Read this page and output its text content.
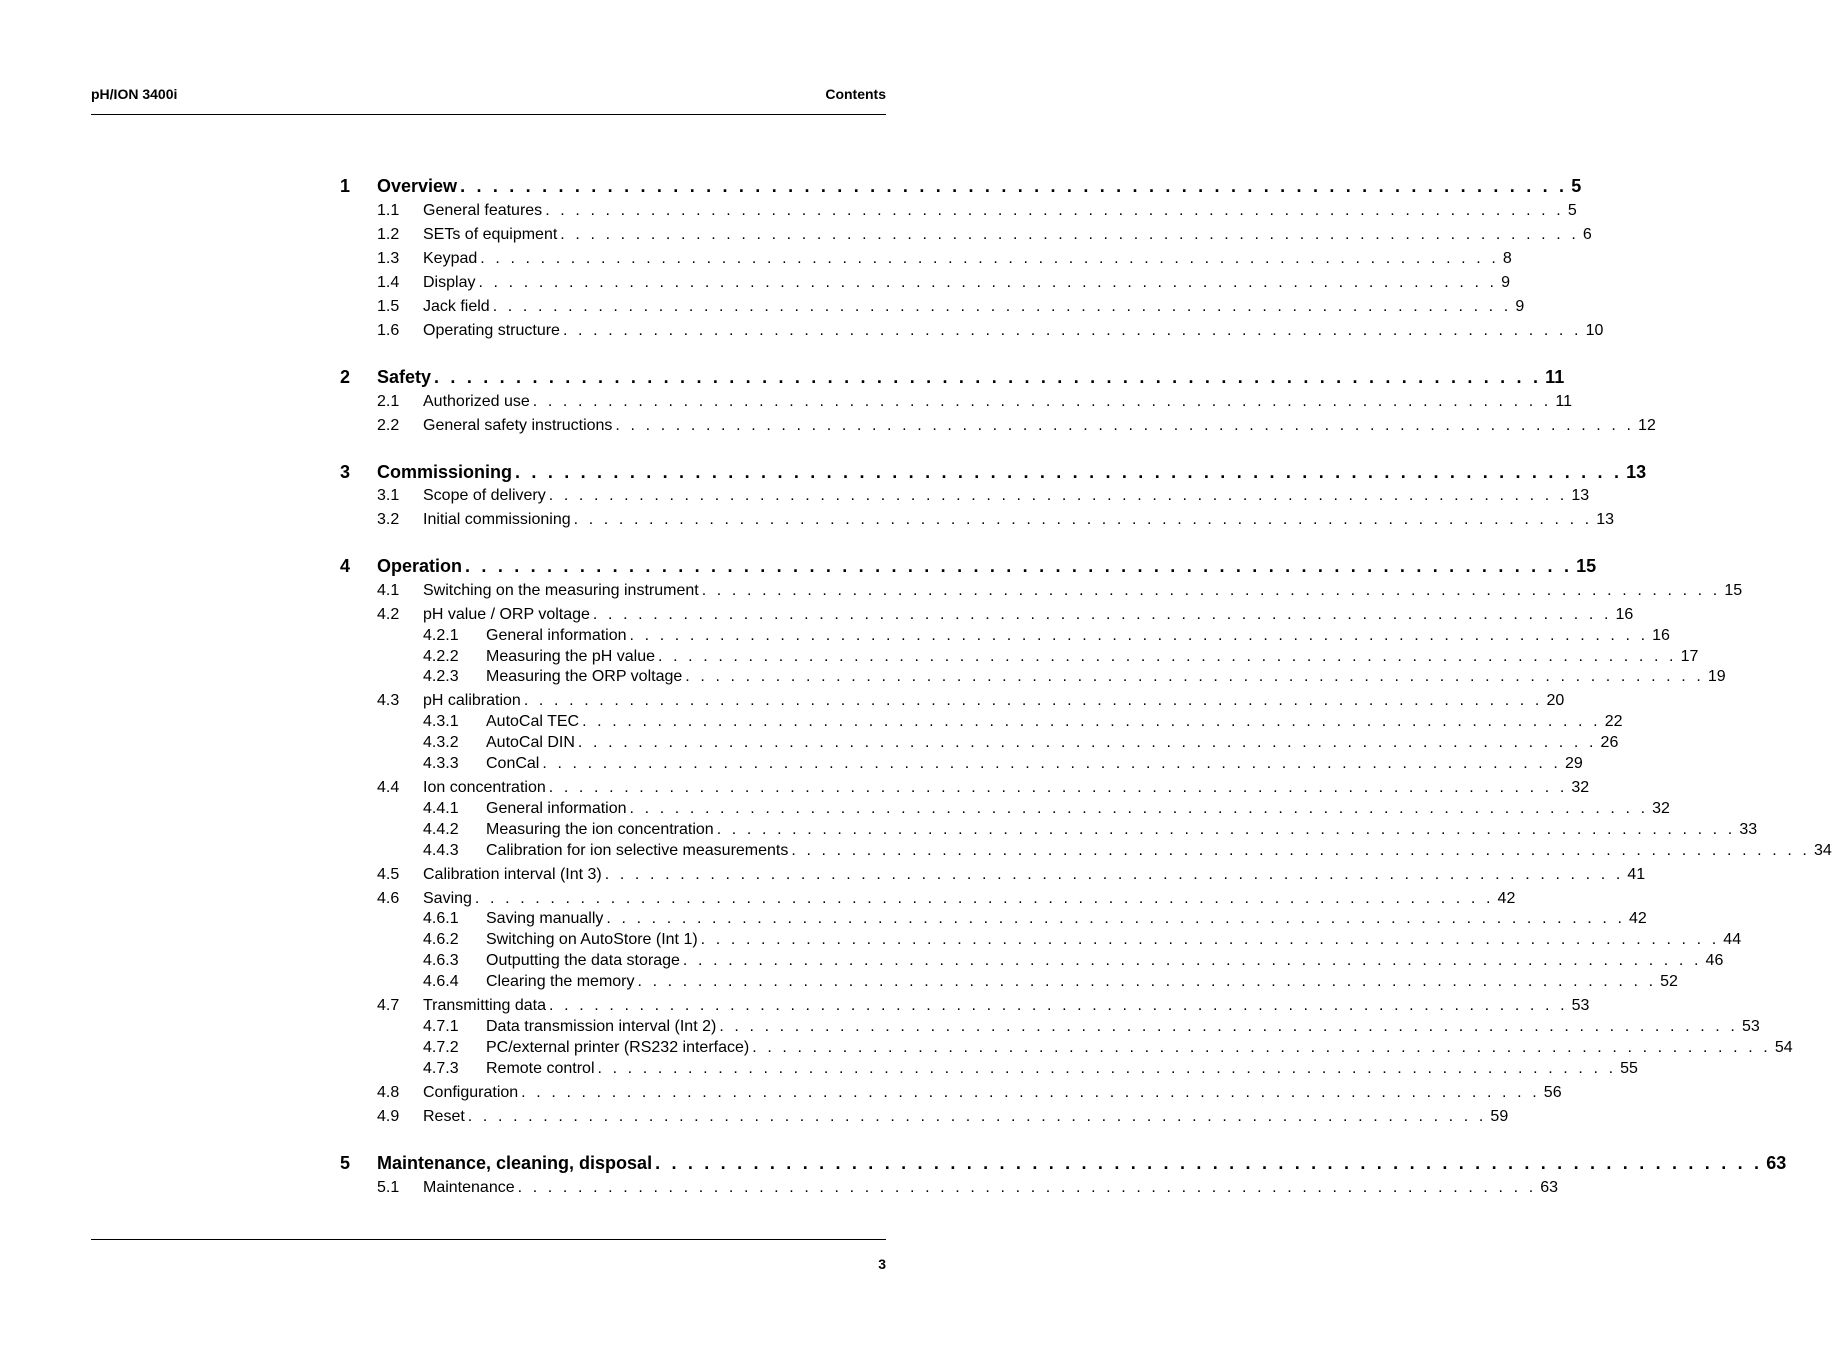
pH/ION 3400i	Contents
1	Overview . . . . . . . . . . . . . . . . . . . . . . . . . . . . . . . . . . . . . . . . . . . . . . . . . . . . . . . . . . . . . . . . . . . . 5
1.1	General features . . . . . . . . . . . . . . . . . . . . . . . . . . . . . . . . . . . . . . . . . . . . . . . . . . . . . . . . . . . . . . . . . . . . 5
1.2	SETs of equipment . . . . . . . . . . . . . . . . . . . . . . . . . . . . . . . . . . . . . . . . . . . . . . . . . . . . . . . . . . . . . . . . . . . . 6
1.3	Keypad . . . . . . . . . . . . . . . . . . . . . . . . . . . . . . . . . . . . . . . . . . . . . . . . . . . . . . . . . . . . . . . . . . . . 8
1.4	Display . . . . . . . . . . . . . . . . . . . . . . . . . . . . . . . . . . . . . . . . . . . . . . . . . . . . . . . . . . . . . . . . . . . . 9
1.5	Jack field . . . . . . . . . . . . . . . . . . . . . . . . . . . . . . . . . . . . . . . . . . . . . . . . . . . . . . . . . . . . . . . . . . . . 9
1.6	Operating structure . . . . . . . . . . . . . . . . . . . . . . . . . . . . . . . . . . . . . . . . . . . . . . . . . . . . . . . . . . . . . . . . . . . . 10
2	Safety . . . . . . . . . . . . . . . . . . . . . . . . . . . . . . . . . . . . . . . . . . . . . . . . . . . . . . . . . . . . . . . . . . . . 11
2.1	Authorized use . . . . . . . . . . . . . . . . . . . . . . . . . . . . . . . . . . . . . . . . . . . . . . . . . . . . . . . . . . . . . . . . . . . . 11
2.2	General safety instructions . . . . . . . . . . . . . . . . . . . . . . . . . . . . . . . . . . . . . . . . . . . . . . . . . . . . . . . . . . . . . . . . . . . . 12
3	Commissioning . . . . . . . . . . . . . . . . . . . . . . . . . . . . . . . . . . . . . . . . . . . . . . . . . . . . . . . . . . . . . . . . . . . . 13
3.1	Scope of delivery . . . . . . . . . . . . . . . . . . . . . . . . . . . . . . . . . . . . . . . . . . . . . . . . . . . . . . . . . . . . . . . . . . . . 13
3.2	Initial commissioning . . . . . . . . . . . . . . . . . . . . . . . . . . . . . . . . . . . . . . . . . . . . . . . . . . . . . . . . . . . . . . . . . . . . 13
4	Operation . . . . . . . . . . . . . . . . . . . . . . . . . . . . . . . . . . . . . . . . . . . . . . . . . . . . . . . . . . . . . . . . . . . . 15
4.1	Switching on the measuring instrument . . . . . . . . . . . . . . . . . . . . . . . . . . . . . . . . . . . . . . . . . . . . . . . . . . . . . . . . . . . . . . . . . . . . 15
4.2	pH value / ORP voltage . . . . . . . . . . . . . . . . . . . . . . . . . . . . . . . . . . . . . . . . . . . . . . . . . . . . . . . . . . . . . . . . . . . . 16
4.2.1	General information . . . . . . . . . . . . . . . . . . . . . . . . . . . . . . . . . . . . . . . . . . . . . . . . . . . . . . . . . . . . . . . . . . . . 16
4.2.2	Measuring the pH value . . . . . . . . . . . . . . . . . . . . . . . . . . . . . . . . . . . . . . . . . . . . . . . . . . . . . . . . . . . . . . . . . . . . 17
4.2.3	Measuring the ORP voltage . . . . . . . . . . . . . . . . . . . . . . . . . . . . . . . . . . . . . . . . . . . . . . . . . . . . . . . . . . . . . . . . . . . . 19
4.3	pH calibration . . . . . . . . . . . . . . . . . . . . . . . . . . . . . . . . . . . . . . . . . . . . . . . . . . . . . . . . . . . . . . . . . . . . 20
4.3.1	AutoCal TEC . . . . . . . . . . . . . . . . . . . . . . . . . . . . . . . . . . . . . . . . . . . . . . . . . . . . . . . . . . . . . . . . . . . . 22
4.3.2	AutoCal DIN . . . . . . . . . . . . . . . . . . . . . . . . . . . . . . . . . . . . . . . . . . . . . . . . . . . . . . . . . . . . . . . . . . . . 26
4.3.3	ConCal . . . . . . . . . . . . . . . . . . . . . . . . . . . . . . . . . . . . . . . . . . . . . . . . . . . . . . . . . . . . . . . . . . . . 29
4.4	Ion concentration . . . . . . . . . . . . . . . . . . . . . . . . . . . . . . . . . . . . . . . . . . . . . . . . . . . . . . . . . . . . . . . . . . . . 32
4.4.1	General information . . . . . . . . . . . . . . . . . . . . . . . . . . . . . . . . . . . . . . . . . . . . . . . . . . . . . . . . . . . . . . . . . . . . 32
4.4.2	Measuring the ion concentration . . . . . . . . . . . . . . . . . . . . . . . . . . . . . . . . . . . . . . . . . . . . . . . . . . . . . . . . . . . . . . . . . . . . 33
4.4.3	Calibration for ion selective measurements . . . . . . . . . . . . . . . . . . . . . . . . . . . . . . . . . . . . . . . . . . . . . . . . . . . . . . . . . . . . . . . . . . . . 34
4.5	Calibration interval (Int 3) . . . . . . . . . . . . . . . . . . . . . . . . . . . . . . . . . . . . . . . . . . . . . . . . . . . . . . . . . . . . . . . . . . . . 41
4.6	Saving . . . . . . . . . . . . . . . . . . . . . . . . . . . . . . . . . . . . . . . . . . . . . . . . . . . . . . . . . . . . . . . . . . . . 42
4.6.1	Saving manually . . . . . . . . . . . . . . . . . . . . . . . . . . . . . . . . . . . . . . . . . . . . . . . . . . . . . . . . . . . . . . . . . . . . 42
4.6.2	Switching on AutoStore (Int 1) . . . . . . . . . . . . . . . . . . . . . . . . . . . . . . . . . . . . . . . . . . . . . . . . . . . . . . . . . . . . . . . . . . . . 44
4.6.3	Outputting the data storage . . . . . . . . . . . . . . . . . . . . . . . . . . . . . . . . . . . . . . . . . . . . . . . . . . . . . . . . . . . . . . . . . . . . 46
4.6.4	Clearing the memory . . . . . . . . . . . . . . . . . . . . . . . . . . . . . . . . . . . . . . . . . . . . . . . . . . . . . . . . . . . . . . . . . . . . 52
4.7	Transmitting data . . . . . . . . . . . . . . . . . . . . . . . . . . . . . . . . . . . . . . . . . . . . . . . . . . . . . . . . . . . . . . . . . . . . 53
4.7.1	Data transmission interval (Int 2) . . . . . . . . . . . . . . . . . . . . . . . . . . . . . . . . . . . . . . . . . . . . . . . . . . . . . . . . . . . . . . . . . . . . 53
4.7.2	PC/external printer (RS232 interface) . . . . . . . . . . . . . . . . . . . . . . . . . . . . . . . . . . . . . . . . . . . . . . . . . . . . . . . . . . . . . . . . . . . . 54
4.7.3	Remote control . . . . . . . . . . . . . . . . . . . . . . . . . . . . . . . . . . . . . . . . . . . . . . . . . . . . . . . . . . . . . . . . . . . . 55
4.8	Configuration . . . . . . . . . . . . . . . . . . . . . . . . . . . . . . . . . . . . . . . . . . . . . . . . . . . . . . . . . . . . . . . . . . . . 56
4.9	Reset . . . . . . . . . . . . . . . . . . . . . . . . . . . . . . . . . . . . . . . . . . . . . . . . . . . . . . . . . . . . . . . . . . . . 59
5	Maintenance, cleaning, disposal . . . . . . . . . . . . . . . . . . . . . . . . . . . . . . . . . . . . . . . . . . . . . . . . . . . . . . . . . . . . . . . . . . . . 63
5.1	Maintenance . . . . . . . . . . . . . . . . . . . . . . . . . . . . . . . . . . . . . . . . . . . . . . . . . . . . . . . . . . . . . . . . . . . . 63
3
